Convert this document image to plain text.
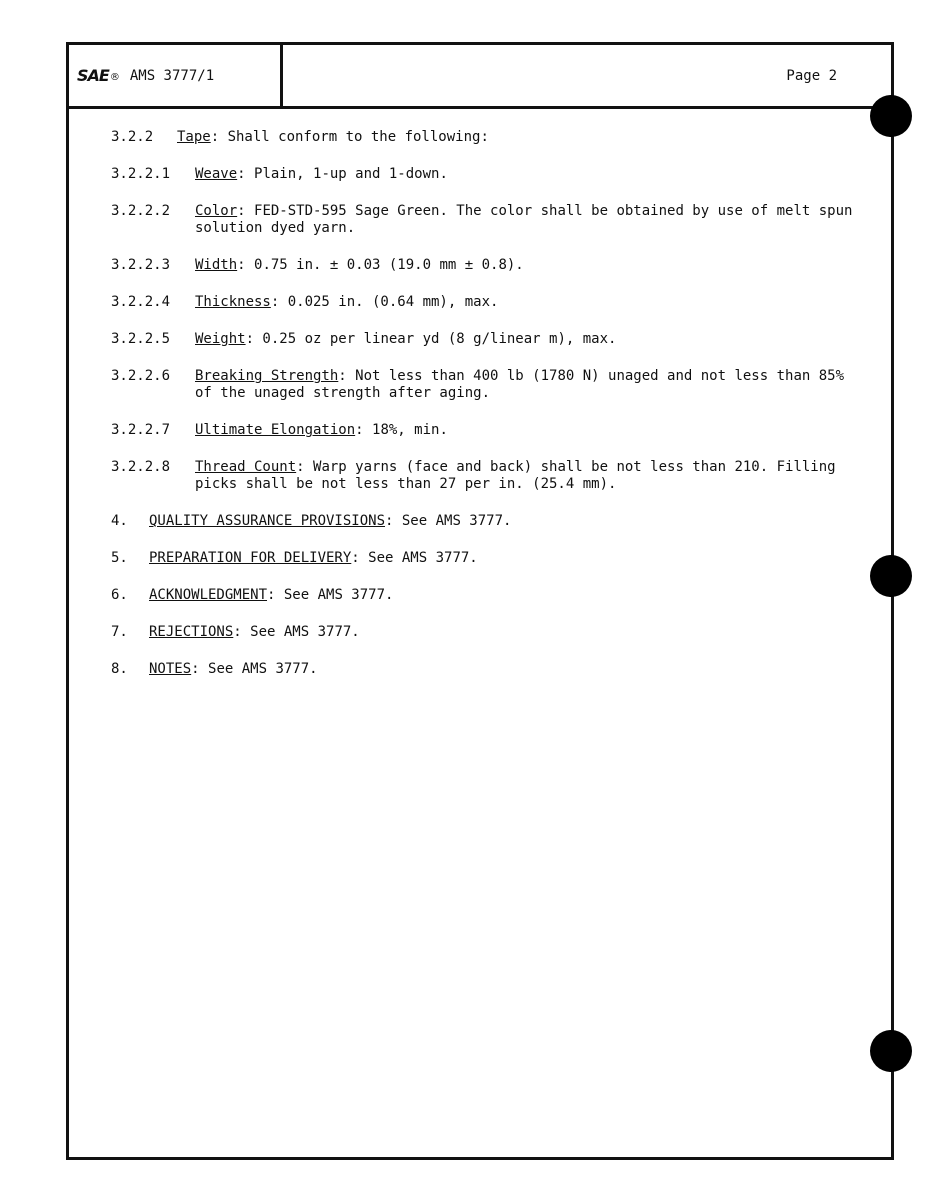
SAE ® AMS 3777/1	Page 2
3.2.2	Tape: Shall conform to the following:
3.2.2.1	Weave: Plain, 1-up and 1-down.
3.2.2.2	Color: FED-STD-595 Sage Green. The color shall be obtained by use of melt spun solution dyed yarn.
3.2.2.3	Width: 0.75 in. ± 0.03 (19.0 mm ± 0.8).
3.2.2.4	Thickness: 0.025 in. (0.64 mm), max.
3.2.2.5	Weight: 0.25 oz per linear yd (8 g/linear m), max.
3.2.2.6	Breaking Strength: Not less than 400 lb (1780 N) unaged and not less than 85% of the unaged strength after aging.
3.2.2.7	Ultimate Elongation: 18%, min.
3.2.2.8	Thread Count: Warp yarns (face and back) shall be not less than 210. Filling picks shall be not less than 27 per in. (25.4 mm).
4.	QUALITY ASSURANCE PROVISIONS: See AMS 3777.
5.	PREPARATION FOR DELIVERY: See AMS 3777.
6.	ACKNOWLEDGMENT: See AMS 3777.
7.	REJECTIONS: See AMS 3777.
8.	NOTES: See AMS 3777.
